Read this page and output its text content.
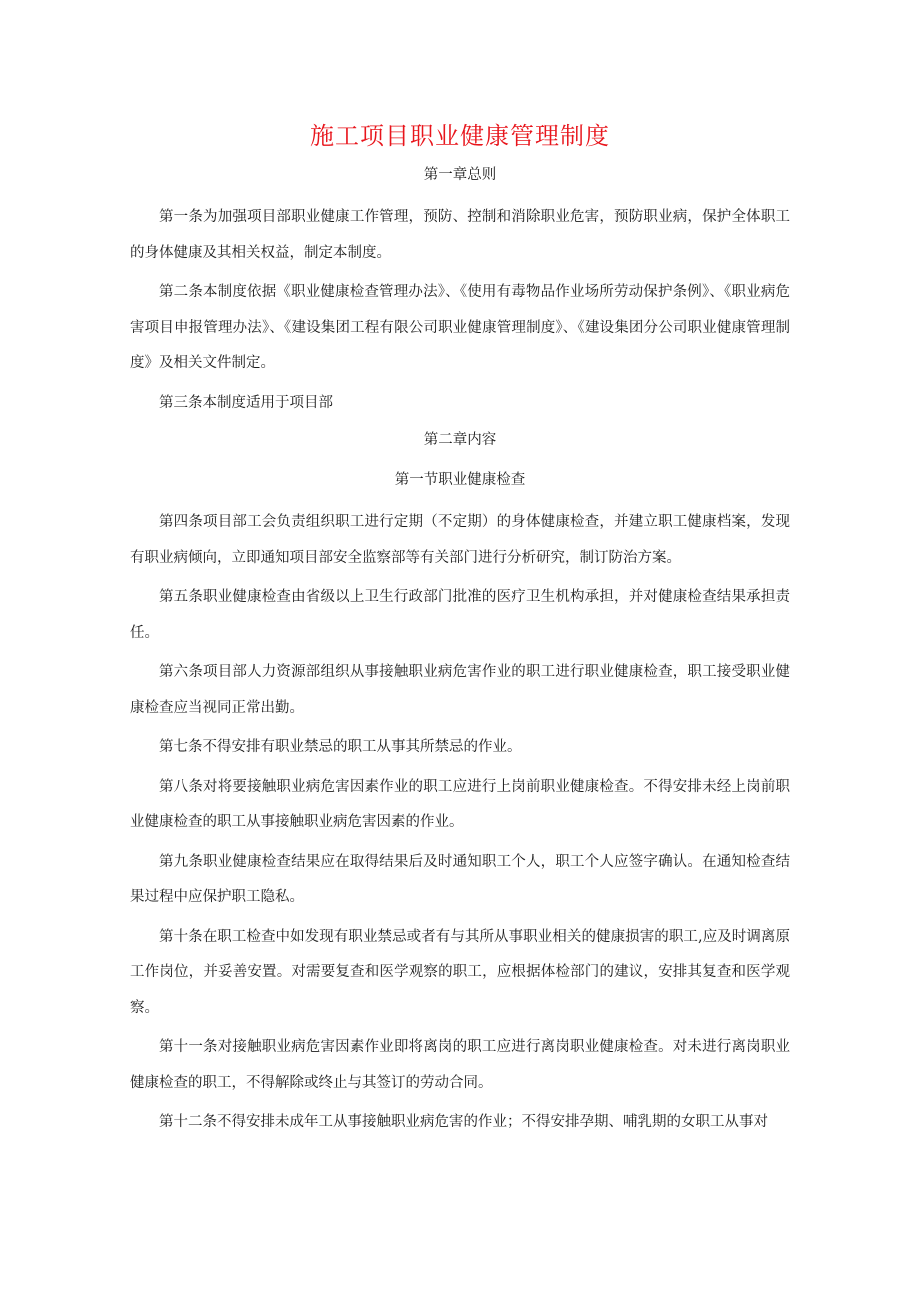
施工项目职业健康管理制度

第一章总则

第一条为加强项目部职业健康工作管理，预防、控制和消除职业危害，预防职业病，保护全体职工的身体健康及其相关权益，制定本制度。

第二条本制度依据《职业健康检查管理办法》、《使用有毒物品作业场所劳动保护条例》、《职业病危害项目申报管理办法》、《建设集团工程有限公司职业健康管理制度》、《建设集团分公司职业健康管理制度》及相关文件制定。

第三条本制度适用于项目部

第二章内容

第一节职业健康检查

第四条项目部工会负责组织职工进行定期（不定期）的身体健康检查，并建立职工健康档案，发现有职业病倾向，立即通知项目部安全监察部等有关部门进行分析研究，制订防治方案。

第五条职业健康检查由省级以上卫生行政部门批准的医疗卫生机构承担，并对健康检查结果承担责任。

第六条项目部人力资源部组织从事接触职业病危害作业的职工进行职业健康检查，职工接受职业健康检查应当视同正常出勤。

第七条不得安排有职业禁忌的职工从事其所禁忌的作业。

第八条对将要接触职业病危害因素作业的职工应进行上岗前职业健康检查。不得安排未经上岗前职业健康检查的职工从事接触职业病危害因素的作业。

第九条职业健康检查结果应在取得结果后及时通知职工个人，职工个人应签字确认。在通知检查结果过程中应保护职工隐私。

第十条在职工检查中如发现有职业禁忌或者有与其所从事职业相关的健康损害的职工,应及时调离原工作岗位，并妥善安置。对需要复查和医学观察的职工，应根据体检部门的建议，安排其复查和医学观察。

第十一条对接触职业病危害因素作业即将离岗的职工应进行离岗职业健康检查。对未进行离岗职业健康检查的职工，不得解除或终止与其签订的劳动合同。

第十二条不得安排未成年工从事接触职业病危害的作业；不得安排孕期、哺乳期的女职工从事对
